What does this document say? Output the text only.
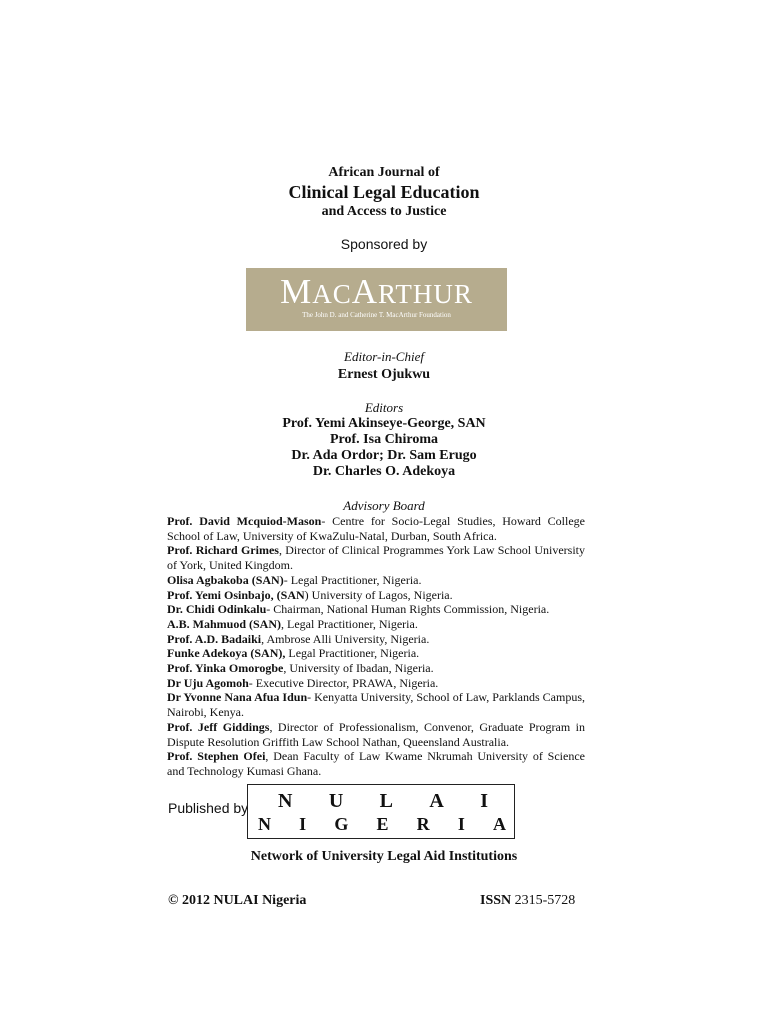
African Journal of
Clinical Legal Education
and Access to Justice
Sponsored by
MACARTHUR
The John D. and Catherine T. MacArthur Foundation
Editor-in-Chief
Ernest Ojukwu
Editors
Prof. Yemi Akinseye-George, SAN
Prof. Isa Chiroma
Dr. Ada Ordor; Dr. Sam Erugo
Dr. Charles O. Adekoya
Advisory Board

Prof. David Mcquiod-Mason- Centre for Socio-Legal Studies, Howard College School of Law, University of KwaZulu-Natal, Durban, South Africa.

Prof. Richard Grimes, Director of Clinical Programmes York Law School University of York, United Kingdom.

Olisa Agbakoba (SAN)- Legal Practitioner, Nigeria.

Prof. Yemi Osinbajo, (SAN) University of Lagos, Nigeria.

Dr. Chidi Odinkalu- Chairman, National Human Rights Commission, Nigeria.

A.B. Mahmuod (SAN), Legal Practitioner, Nigeria.

Prof. A.D. Badaiki, Ambrose Alli University, Nigeria.

Funke Adekoya (SAN), Legal Practitioner, Nigeria.

Prof. Yinka Omorogbe, University of Ibadan, Nigeria.

Dr Uju Agomoh- Executive Director, PRAWA, Nigeria.

Dr Yvonne Nana Afua Idun- Kenyatta University, School of Law, Parklands Campus, Nairobi, Kenya.

Prof. Jeff Giddings, Director of Professionalism, Convenor, Graduate Program in Dispute Resolution Griffith Law School Nathan, Queensland Australia.

Prof. Stephen Ofei, Dean Faculty of Law Kwame Nkrumah University of Science and Technology Kumasi Ghana.

Published by N U L A I
N I G E R I A
Network of University Legal Aid Institutions
© 2012 NULAI Nigeria	ISSN 2315-5728
